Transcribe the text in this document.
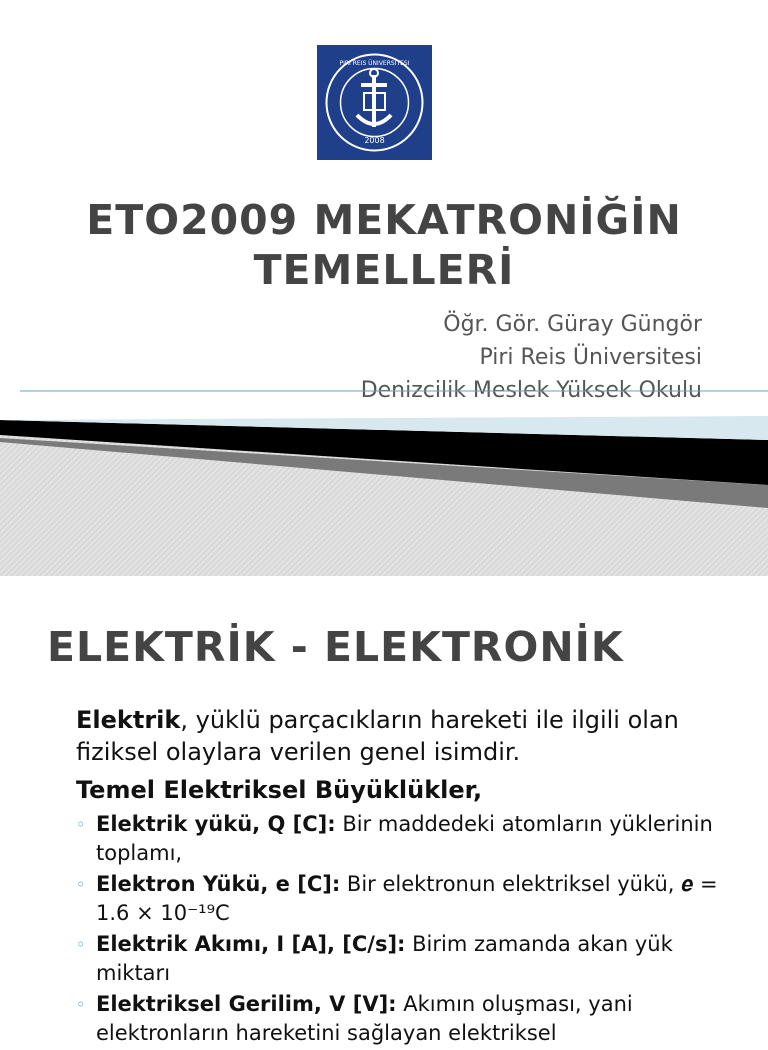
2008
PIRI REIS ÜNIVERSITESI
ETO2009 MEKATRONİĞİN
TEMELLERİ
Öğr. Gör. Güray Güngör
Piri Reis Üniversitesi
Denizcilik Meslek Yüksek Okulu
ELEKTRİK - ELEKTRONİK

Elektrik, yüklü parçacıkların hareketi ile ilgili olan fiziksel olaylara verilen genel isimdir.

Temel Elektriksel Büyüklükler,
◦ Elektrik yükü, Q [C]: Bir maddedeki atomların yüklerinin toplamı,
◦ Elektron Yükü, e [C]: Bir elektronun elektriksel yükü, 𝒆 = 1.6 × 10⁻¹⁹C
◦ Elektrik Akımı, I [A], [C/s]: Birim zamanda akan yük miktarı
◦ Elektriksel Gerilim, V [V]: Akımın oluşması, yani elektronların hareketini sağlayan elektriksel
